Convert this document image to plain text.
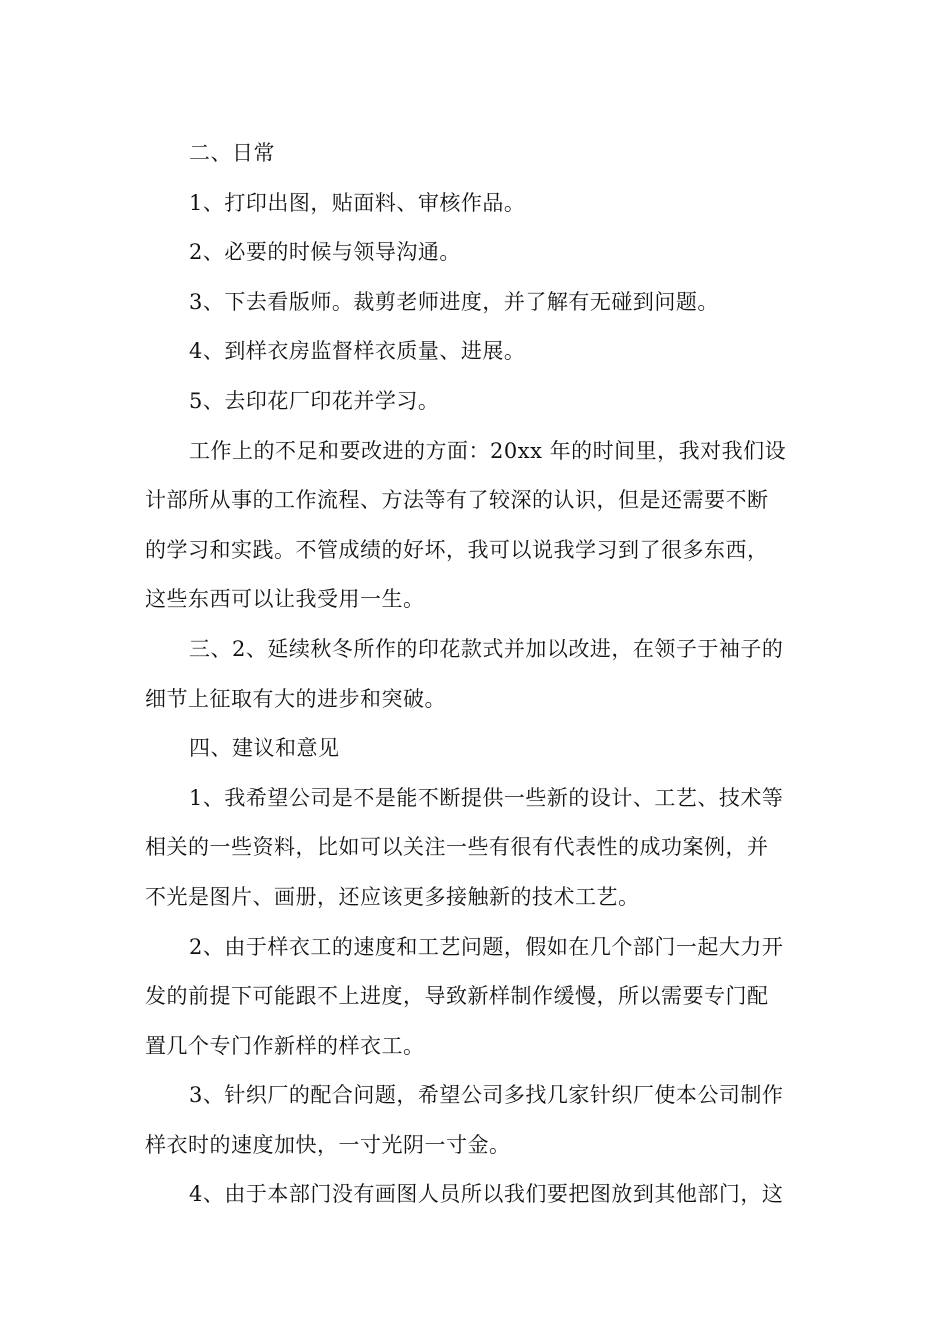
二、日常

1、打印出图，贴面料、审核作品。

2、必要的时候与领导沟通。

3、下去看版师。裁剪老师进度，并了解有无碰到问题。

4、到样衣房监督样衣质量、进展。

5、去印花厂印花并学习。

工作上的不足和要改进的方面：20xx 年的时间里，我对我们设
计部所从事的工作流程、方法等有了较深的认识，但是还需要不断
的学习和实践。不管成绩的好坏，我可以说我学习到了很多东西，
这些东西可以让我受用一生。

三、2、延续秋冬所作的印花款式并加以改进，在领子于袖子的
细节上征取有大的进步和突破。

四、建议和意见

1、我希望公司是不是能不断提供一些新的设计、工艺、技术等
相关的一些资料，比如可以关注一些有很有代表性的成功案例，并
不光是图片、画册，还应该更多接触新的技术工艺。

2、由于样衣工的速度和工艺问题，假如在几个部门一起大力开
发的前提下可能跟不上进度，导致新样制作缓慢，所以需要专门配
置几个专门作新样的样衣工。

3、针织厂的配合问题，希望公司多找几家针织厂使本公司制作
样衣时的速度加快，一寸光阴一寸金。

4、由于本部门没有画图人员所以我们要把图放到其他部门，这
